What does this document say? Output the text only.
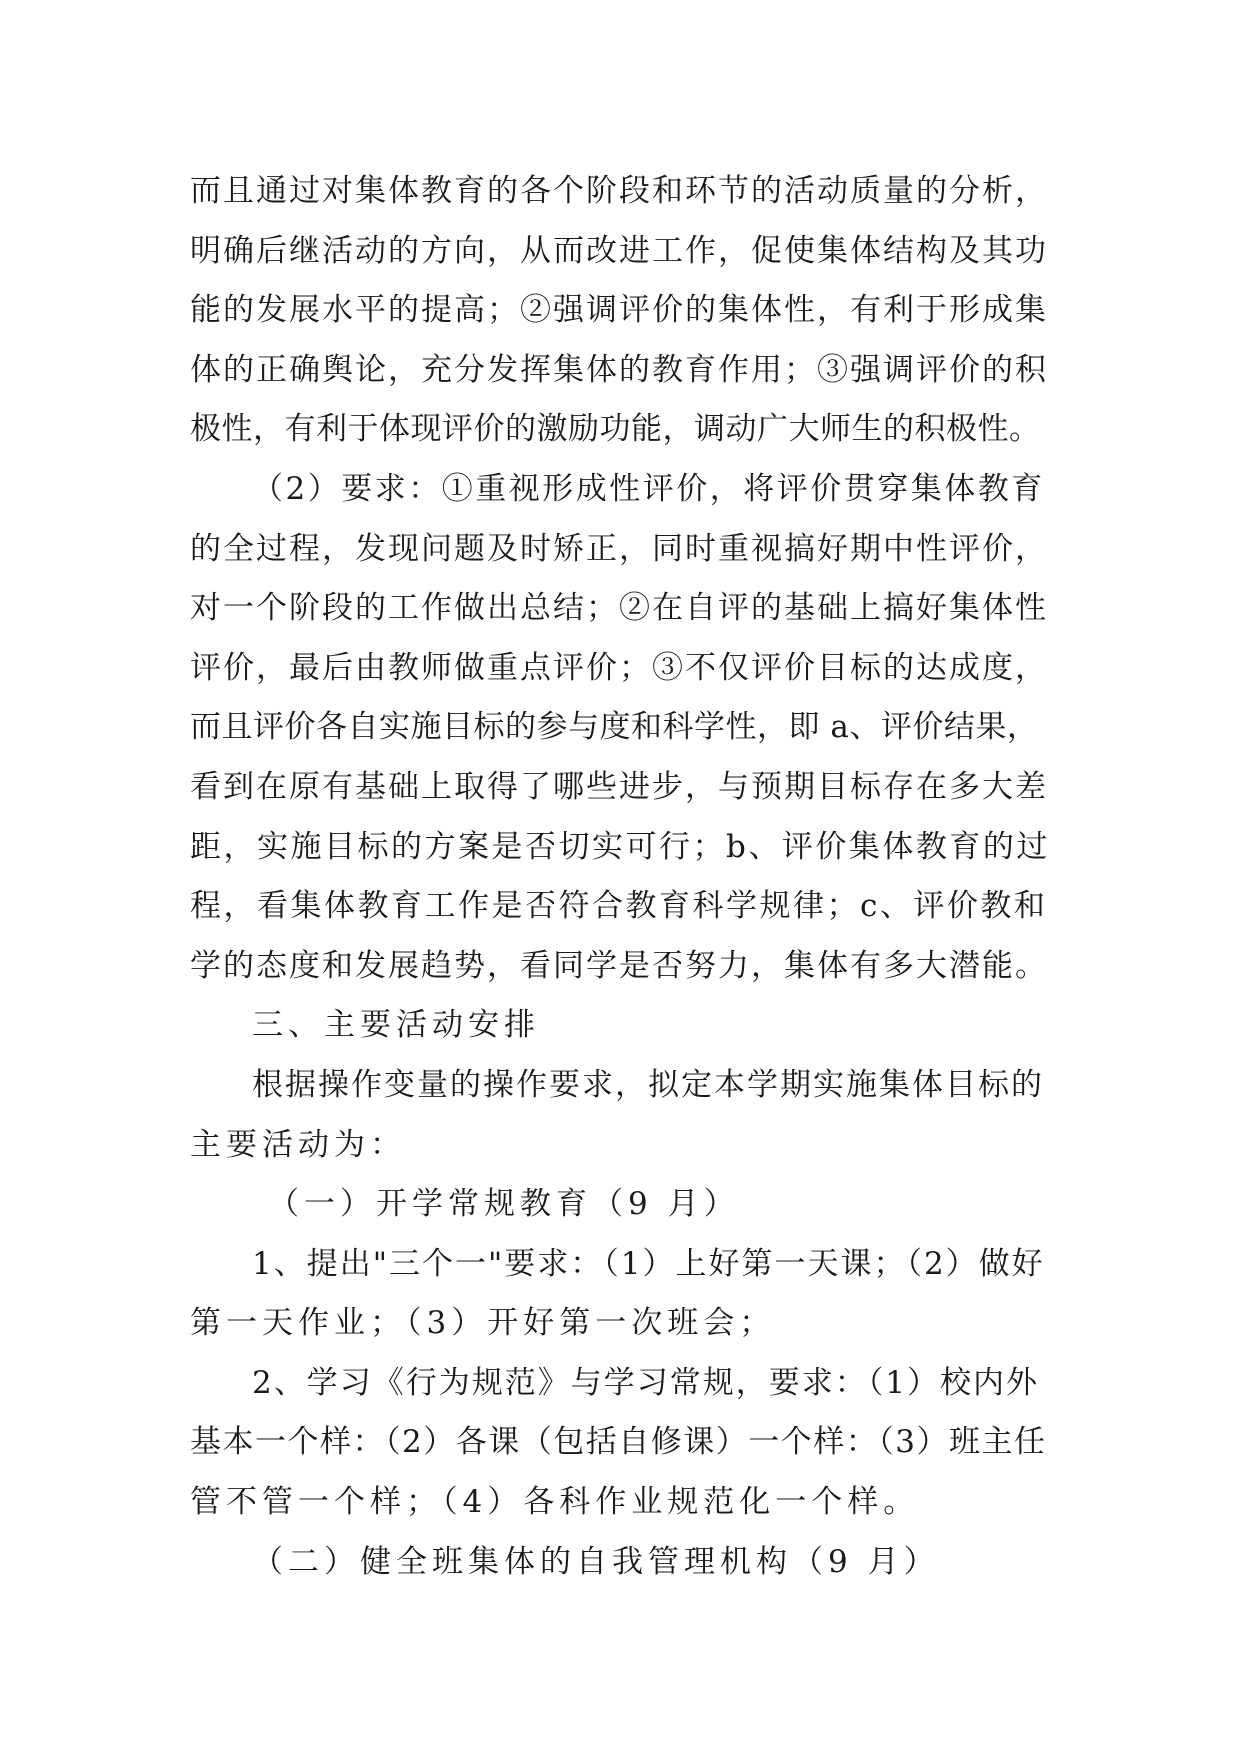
而且通过对集体教育的各个阶段和环节的活动质量的分析，
明确后继活动的方向，从而改进工作，促使集体结构及其功
能的发展水平的提高；②强调评价的集体性，有利于形成集
体的正确舆论，充分发挥集体的教育作用；③强调评价的积
极性，有利于体现评价的激励功能，调动广大师生的积极性。
（2）要求：①重视形成性评价，将评价贯穿集体教育
的全过程，发现问题及时矫正，同时重视搞好期中性评价，
对一个阶段的工作做出总结；②在自评的基础上搞好集体性
评价，最后由教师做重点评价；③不仅评价目标的达成度，
而且评价各自实施目标的参与度和科学性，即 a、评价结果，
看到在原有基础上取得了哪些进步，与预期目标存在多大差
距，实施目标的方案是否切实可行；b、评价集体教育的过
程，看集体教育工作是否符合教育科学规律；c、评价教和
学的态度和发展趋势，看同学是否努力，集体有多大潜能。
三、主要活动安排
根据操作变量的操作要求，拟定本学期实施集体目标的
主要活动为：
（一）开学常规教育（9 月）
1、提出"三个一"要求：（1）上好第一天课；（2）做好
第一天作业；（3）开好第一次班会；
2、学习《行为规范》与学习常规，要求：（1）校内外
基本一个样：（2）各课（包括自修课）一个样：（3）班主任
管不管一个样；（4）各科作业规范化一个样。
（二）健全班集体的自我管理机构（9 月）
